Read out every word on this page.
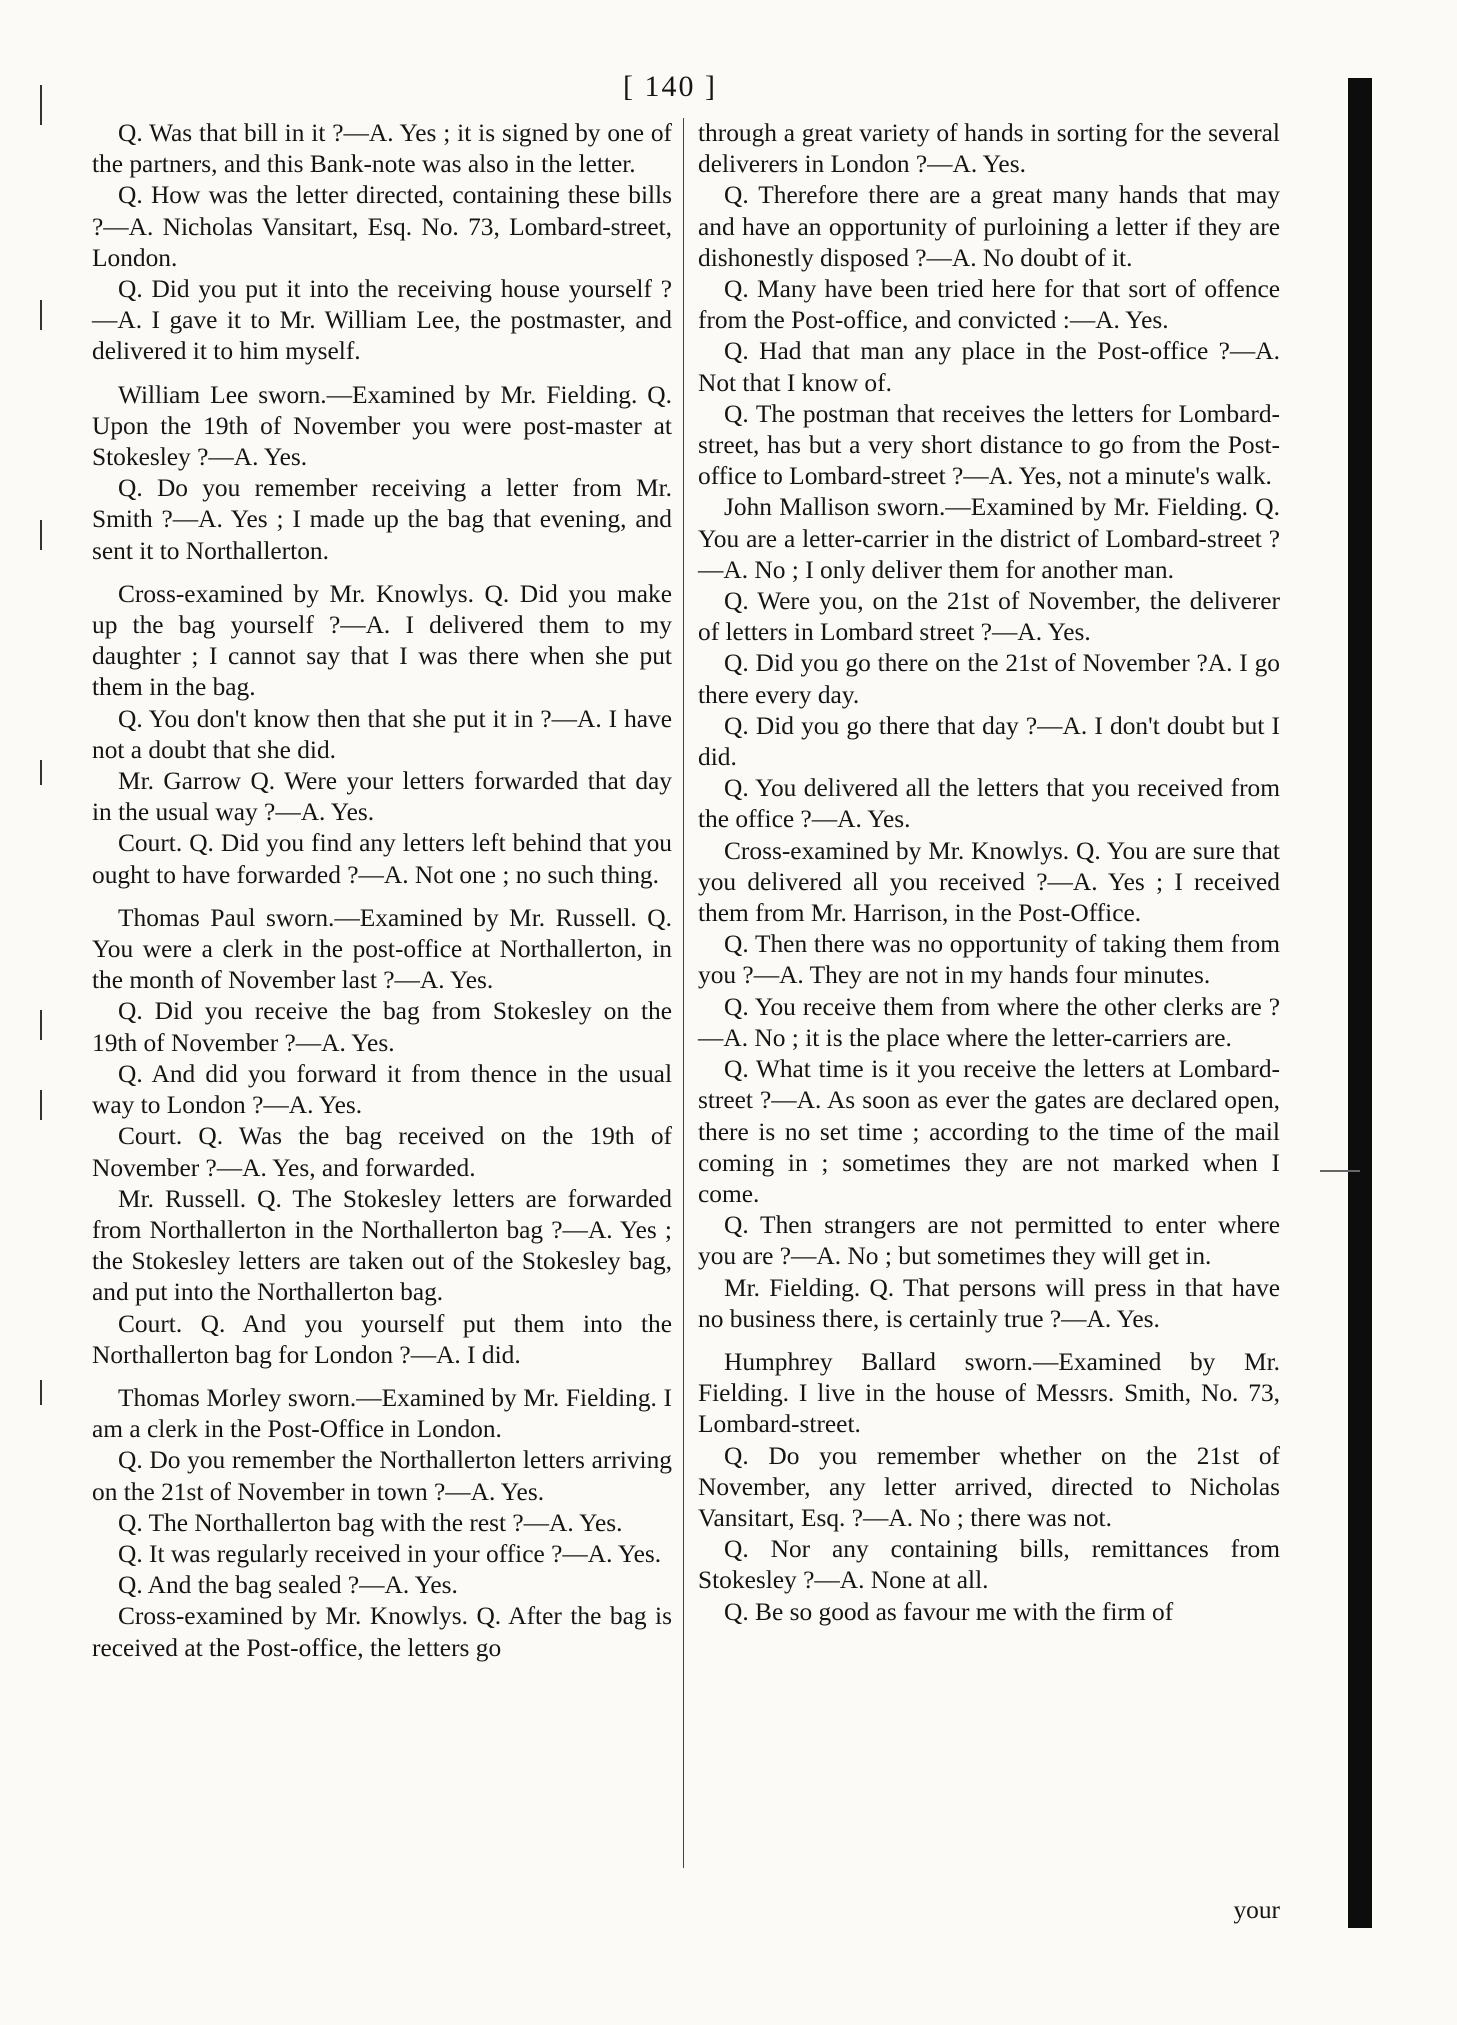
[ 140 ]

Q. Was that bill in it ?—A. Yes ; it is signed by one of the partners, and this Bank-note was also in the letter.

Q. How was the letter directed, containing these bills ?—A. Nicholas Vansitart, Esq. No. 73, Lombard-street, London.

Q. Did you put it into the receiving house yourself ?—A. I gave it to Mr. William Lee, the postmaster, and delivered it to him myself.

William Lee sworn.—Examined by Mr. Fielding. Q. Upon the 19th of November you were post-master at Stokesley ?—A. Yes.

Q. Do you remember receiving a letter from Mr. Smith ?—A. Yes ; I made up the bag that evening, and sent it to Northallerton.

Cross-examined by Mr. Knowlys. Q. Did you make up the bag yourself ?—A. I delivered them to my daughter ; I cannot say that I was there when she put them in the bag.

Q. You don't know then that she put it in ?—A. I have not a doubt that she did.

Mr. Garrow Q. Were your letters forwarded that day in the usual way ?—A. Yes.

Court. Q. Did you find any letters left behind that you ought to have forwarded ?—A. Not one ; no such thing.

Thomas Paul sworn.—Examined by Mr. Russell. Q. You were a clerk in the post-office at Northallerton, in the month of November last ?—A. Yes.

Q. Did you receive the bag from Stokesley on the 19th of November ?—A. Yes.

Q. And did you forward it from thence in the usual way to London ?—A. Yes.

Court. Q. Was the bag received on the 19th of November ?—A. Yes, and forwarded.

Mr. Russell. Q. The Stokesley letters are forwarded from Northallerton in the Northallerton bag ?—A. Yes ; the Stokesley letters are taken out of the Stokesley bag, and put into the Northallerton bag.

Court. Q. And you yourself put them into the Northallerton bag for London ?—A. I did.

Thomas Morley sworn.—Examined by Mr. Fielding. I am a clerk in the Post-Office in London.

Q. Do you remember the Northallerton letters arriving on the 21st of November in town ?—A. Yes.

Q. The Northallerton bag with the rest ?—A. Yes.

Q. It was regularly received in your office ?—A. Yes.

Q. And the bag sealed ?—A. Yes.

Cross-examined by Mr. Knowlys. Q. After the bag is received at the Post-office, the letters go

through a great variety of hands in sorting for the several deliverers in London ?—A. Yes.

Q. Therefore there are a great many hands that may and have an opportunity of purloining a letter if they are dishonestly disposed ?—A. No doubt of it.

Q. Many have been tried here for that sort of offence from the Post-office, and convicted :—A. Yes.

Q. Had that man any place in the Post-office ?—A. Not that I know of.

Q. The postman that receives the letters for Lombard-street, has but a very short distance to go from the Post-office to Lombard-street ?—A. Yes, not a minute's walk.

John Mallison sworn.—Examined by Mr. Fielding. Q. You are a letter-carrier in the district of Lombard-street ?—A. No ; I only deliver them for another man.

Q. Were you, on the 21st of November, the deliverer of letters in Lombard street ?—A. Yes.

Q. Did you go there on the 21st of November ?A. I go there every day.

Q. Did you go there that day ?—A. I don't doubt but I did.

Q. You delivered all the letters that you received from the office ?—A. Yes.

Cross-examined by Mr. Knowlys. Q. You are sure that you delivered all you received ?—A. Yes ; I received them from Mr. Harrison, in the Post-Office.

Q. Then there was no opportunity of taking them from you ?—A. They are not in my hands four minutes.

Q. You receive them from where the other clerks are ?—A. No ; it is the place where the letter-carriers are.

Q. What time is it you receive the letters at Lombard-street ?—A. As soon as ever the gates are declared open, there is no set time ; according to the time of the mail coming in ; sometimes they are not marked when I come.

Q. Then strangers are not permitted to enter where you are ?—A. No ; but sometimes they will get in.

Mr. Fielding. Q. That persons will press in that have no business there, is certainly true ?—A. Yes.

Humphrey Ballard sworn.—Examined by Mr. Fielding. I live in the house of Messrs. Smith, No. 73, Lombard-street.

Q. Do you remember whether on the 21st of November, any letter arrived, directed to Nicholas Vansitart, Esq. ?—A. No ; there was not.

Q. Nor any containing bills, remittances from Stokesley ?—A. None at all.

Q. Be so good as favour me with the firm of

your
